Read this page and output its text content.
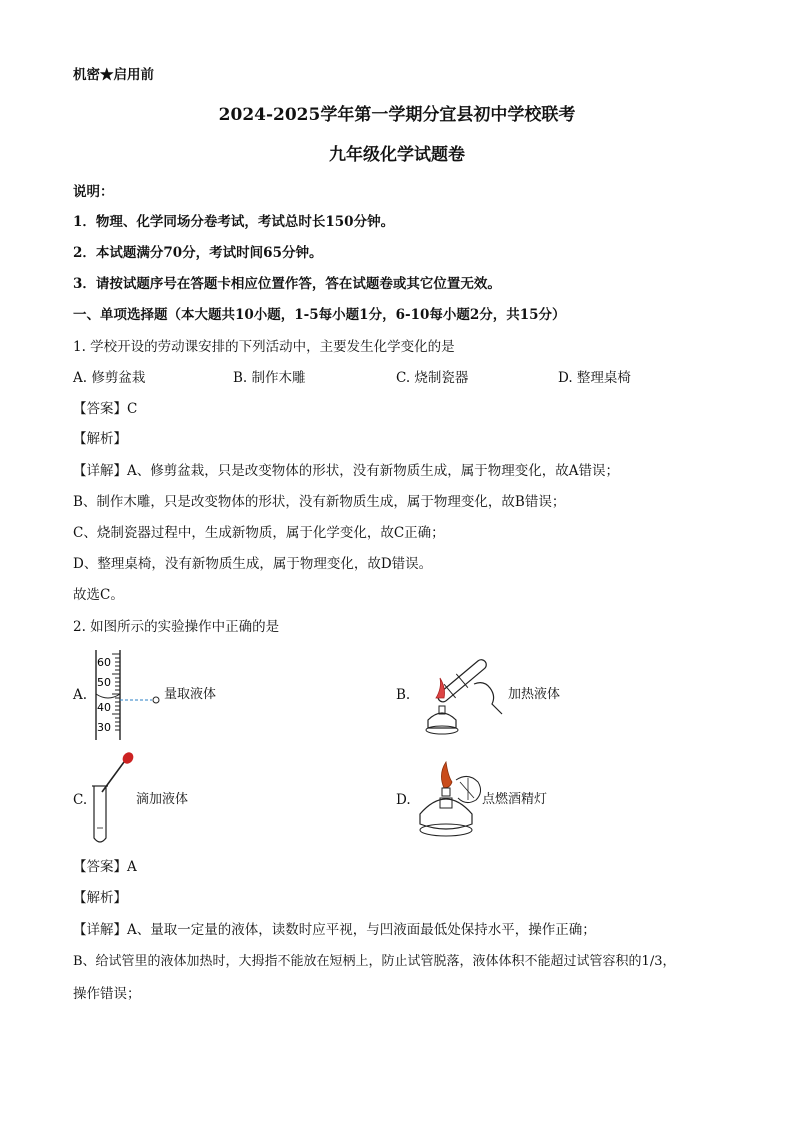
机密★启用前
2024-2025学年第一学期分宜县初中学校联考
九年级化学试题卷
说明：
1．物理、化学同场分卷考试，考试总时长150分钟。
2．本试题满分70分，考试时间65分钟。
3．请按试题序号在答题卡相应位置作答，答在试题卷或其它位置无效。
一、单项选择题（本大题共10小题，1-5每小题1分，6-10每小题2分，共15分）
1. 学校开设的劳动课安排的下列活动中，主要发生化学变化的是
A. 修剪盆栽	B. 制作木雕	C. 烧制瓷器	D. 整理桌椅
【答案】C
【解析】
【详解】A、修剪盆栽，只是改变物体的形状，没有新物质生成，属于物理变化，故A错误；
B、制作木雕，只是改变物体的形状，没有新物质生成，属于物理变化，故B错误；
C、烧制瓷器过程中，生成新物质，属于化学变化，故C正确；
D、整理桌椅，没有新物质生成，属于物理变化，故D错误。
故选C。
2. 如图所示的实验操作中正确的是
A.
60
50
40
30
量取液体	B.	加热液体
C.	滴加液体	D.	点燃酒精灯
【答案】A
【解析】
【详解】A、量取一定量的液体，读数时应平视，与凹液面最低处保持水平，操作正确；
B、给试管里的液体加热时，大拇指不能放在短柄上，防止试管脱落，液体体积不能超过试管容积的1/3，
操作错误；
